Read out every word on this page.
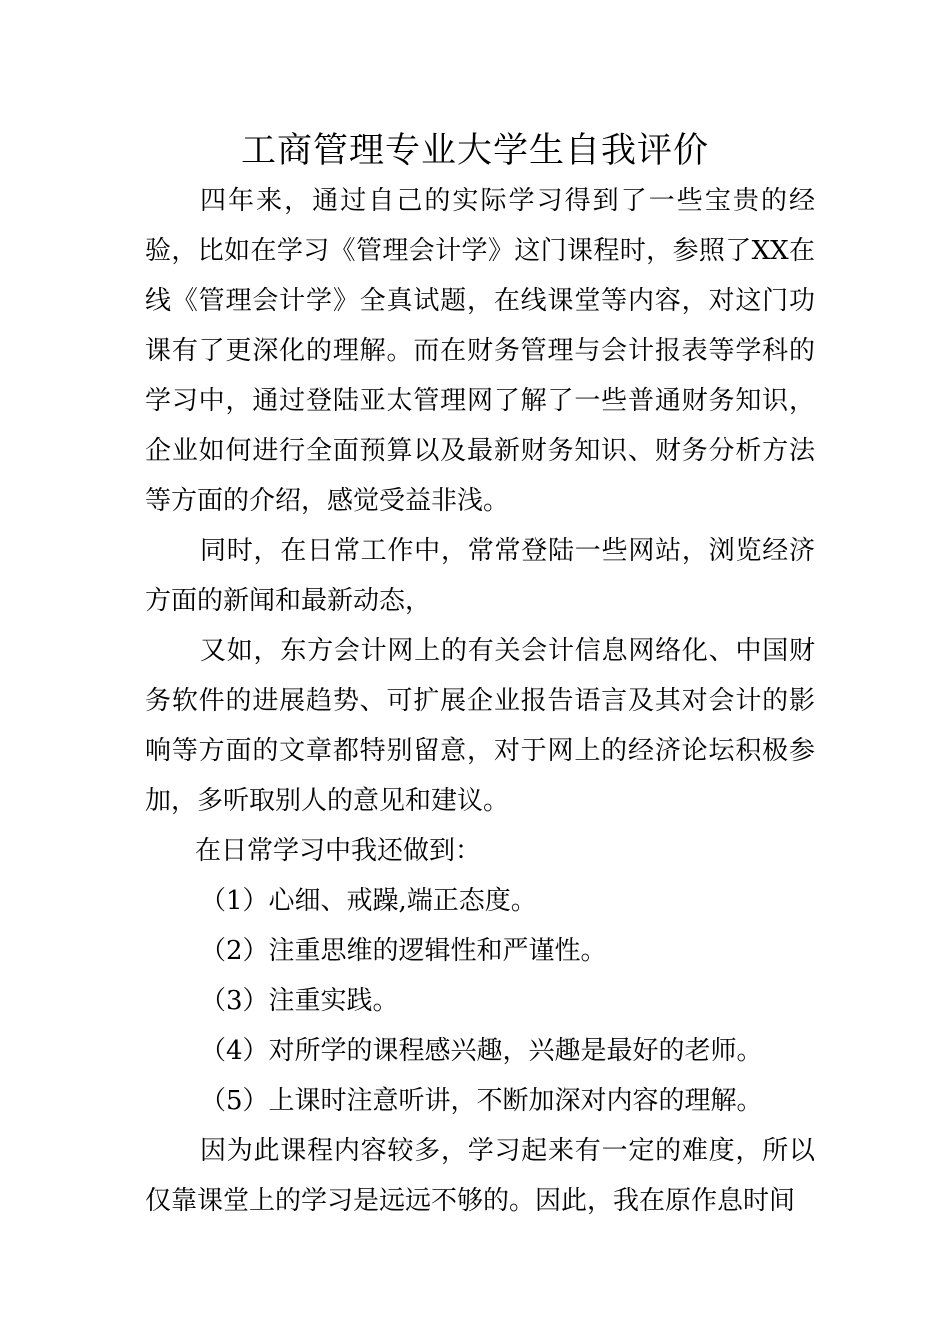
工商管理专业大学生自我评价

四年来，通过自己的实际学习得到了一些宝贵的经验，比如在学习《管理会计学》这门课程时，参照了XX在线《管理会计学》全真试题，在线课堂等内容，对这门功课有了更深化的理解。而在财务管理与会计报表等学科的学习中，通过登陆亚太管理网了解了一些普通财务知识，企业如何进行全面预算以及最新财务知识、财务分析方法等方面的介绍，感觉受益非浅。

同时，在日常工作中，常常登陆一些网站，浏览经济方面的新闻和最新动态，

又如，东方会计网上的有关会计信息网络化、中国财务软件的进展趋势、可扩展企业报告语言及其对会计的影响等方面的文章都特别留意，对于网上的经济论坛积极参加，多听取别人的意见和建议。

在日常学习中我还做到：

（1）心细、戒躁,端正态度。

（2）注重思维的逻辑性和严谨性。

（3）注重实践。

（4）对所学的课程感兴趣，兴趣是最好的老师。

（5）上课时注意听讲，不断加深对内容的理解。

因为此课程内容较多，学习起来有一定的难度，所以仅靠课堂上的学习是远远不够的。因此，我在原作息时间
